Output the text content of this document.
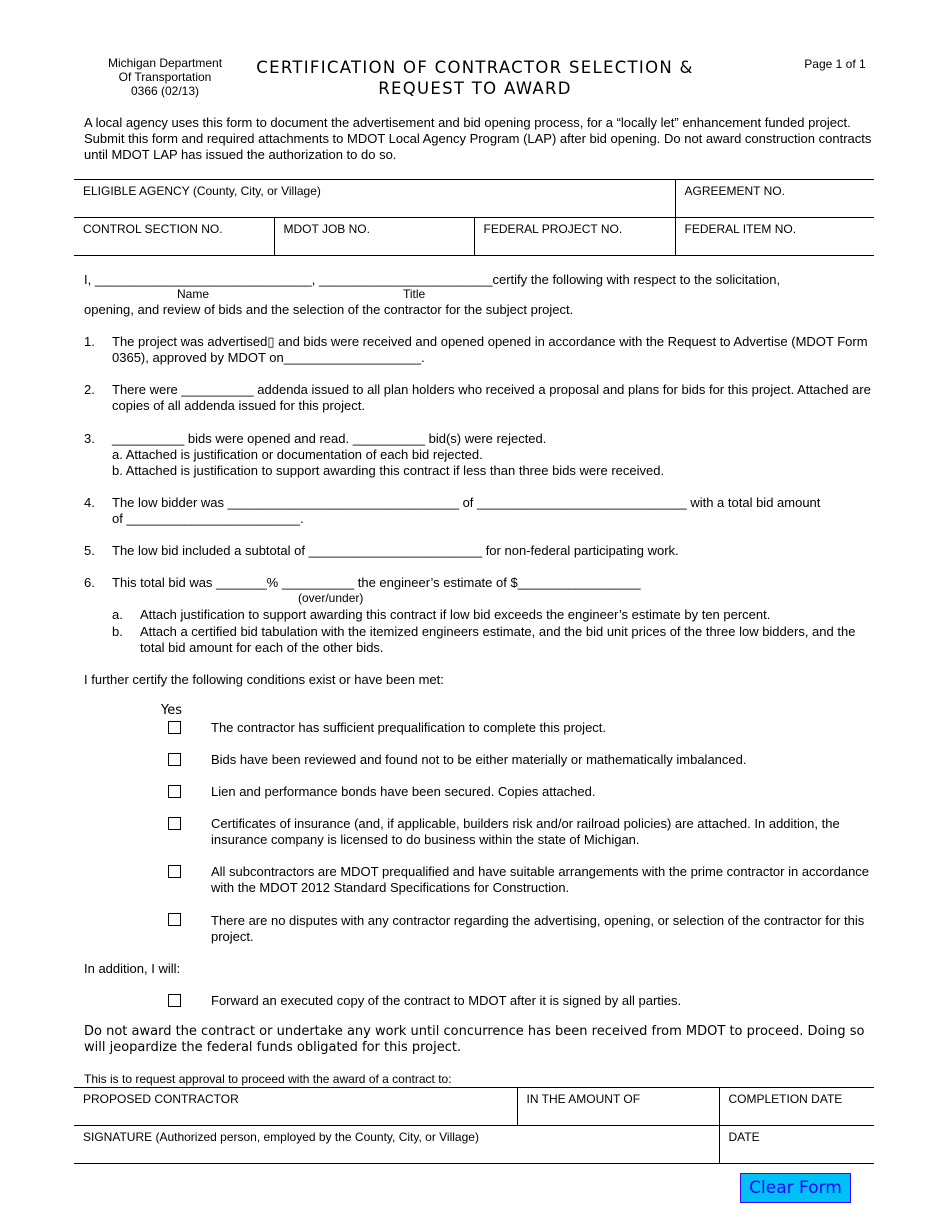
Michigan Department
Of Transportation
0366 (02/13)
CERTIFICATION OF CONTRACTOR SELECTION &
REQUEST TO AWARD
Page 1 of 1
A local agency uses this form to document the advertisement and bid opening process, for a “locally let” enhancement funded project. Submit this form and required attachments to MDOT Local Agency Program (LAP) after bid opening. Do not award construction contracts until MDOT LAP has issued the authorization to do so.
ELIGIBLE AGENCY (County, City, or Village)			AGREEMENT NO.
CONTROL SECTION NO.	MDOT JOB NO.	FEDERAL PROJECT NO.	FEDERAL ITEM NO.
I, ______________________________, ________________________certify the following with respect to the solicitation,
Name	Title
opening, and review of bids and the selection of the contractor for the subject project.
1.	The project was advertised▯ and bids were received and opened opened in accordance with the Request to Advertise (MDOT Form 0365), approved by MDOT on___________________.
2.	There were __________ addenda issued to all plan holders who received a proposal and plans for bids for this project. Attached are copies of all addenda issued for this project.
3.	__________ bids were opened and read. __________ bid(s) were rejected.
a. Attached is justification or documentation of each bid rejected.
b. Attached is justification to support awarding this contract if less than three bids were received.
4.	The low bidder was ________________________________ of _____________________________ with a total bid amount of ________________________.
5.	The low bid included a subtotal of ________________________ for non-federal participating work.
6.	This total bid was _______% __________ the engineer’s estimate of $_________________
(over/under)
a.	Attach justification to support awarding this contract if low bid exceeds the engineer’s estimate by ten percent.
b.	Attach a certified bid tabulation with the itemized engineers estimate, and the bid unit prices of the three low bidders, and the total bid amount for each of the other bids.
I further certify the following conditions exist or have been met:
Yes
The contractor has sufficient prequalification to complete this project.
Bids have been reviewed and found not to be either materially or mathematically imbalanced.
Lien and performance bonds have been secured. Copies attached.
Certificates of insurance (and, if applicable, builders risk and/or railroad policies) are attached. In addition, the insurance company is licensed to do business within the state of Michigan.
All subcontractors are MDOT prequalified and have suitable arrangements with the prime contractor in accordance with the MDOT 2012 Standard Specifications for Construction.
There are no disputes with any contractor regarding the advertising, opening, or selection of the contractor for this project.
In addition, I will:
Forward an executed copy of the contract to MDOT after it is signed by all parties.
Do not award the contract or undertake any work until concurrence has been received from MDOT to proceed. Doing so will jeopardize the federal funds obligated for this project.
This is to request approval to proceed with the award of a contract to:
PROPOSED CONTRACTOR	IN THE AMOUNT OF	COMPLETION DATE
SIGNATURE (Authorized person, employed by the County, City, or Village)		DATE
Clear Form
